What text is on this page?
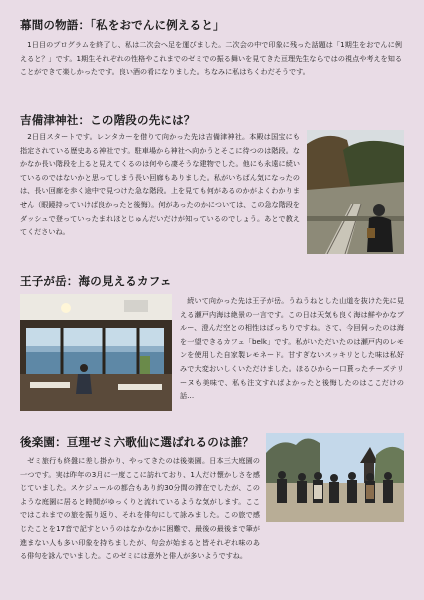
幕間の物語：「私をおでんに例えると」
　1日目のプログラムを終了し、私は二次会へ足を運びました。二次会の中で印象に残った話題は「1期生をおでんに例えると？」です。1期生それぞれの性格やこれまでのゼミでの振る舞いを見てきた亘理先生ならではの視点や考えを知ることができて楽しかったです。良い酒の肴になりました。ちなみに私はちくわだそうです。
吉備津神社：この階段の先には？
　2日目スタートです。レンタカーを借りて向かった先は吉備津神社。本殿は国宝にも指定されている歴史ある神社です。駐車場から神社へ向かうとそこに待つのは階段。なかなか長い階段を上ると見えてくるのは何やら凄そうな建物でした。他にも永遠に続いているのではないかと思ってしまう長い回廊もありました。私がいちばん気になったのは、長い回廊を歩く途中で見つけた急な階段。上を見ても何があるのかがよくわかりません（眼鏡持っていけば良かったと後悔）。何があったのかについては、この急な階段をダッシュで登っていったまれほとじゅんだいだけが知っているのでしょう。あとで教えてくださいね。
王子が岳：海の見えるカフェ
　続いて向かった先は王子が岳。うねうねとした山道を抜けた先に見える瀬戸内海は絶景の一言です。この日は天気も良く海は鮮やかなブルー、澄んだ空との相性はばっちりですね。さて、今回伺ったのは海を一望できるカフェ「belk」です。私がいただいたのは瀬戸内のレモンを使用した自家製レモネード。甘すぎないスッキリとした味は私好みで大変おいしくいただけました。ほるひからー口貰ったチーズテリーヌも美味で、私も注文すればよかったと後悔したのはここだけの話…
後楽園：亘理ゼミ六歌仙に選ばれるのは誰？
　ゼミ旅行も終盤に差し掛かり、やってきたのは後楽園。日本三大庭園の一つです。実は昨年の3月に一度ここに訪れており、1人だけ懐かしさを感じていました。スケジュールの都合もあり約30分間の滞在でしたが、このような庭園に居ると時間がゆっくりと流れているような気がします。ここではこれまでの旅を振り返り、それを俳句にして詠みました。この旅で感じたことを17音で記すというのはなかなかに困難で、最後の最後まで筆が進まない人も多い印象を持ちましたが、句会が始まると皆それぞれ味のある俳句を詠んでいました。このゼミには意外と俳人が多いようですね。
